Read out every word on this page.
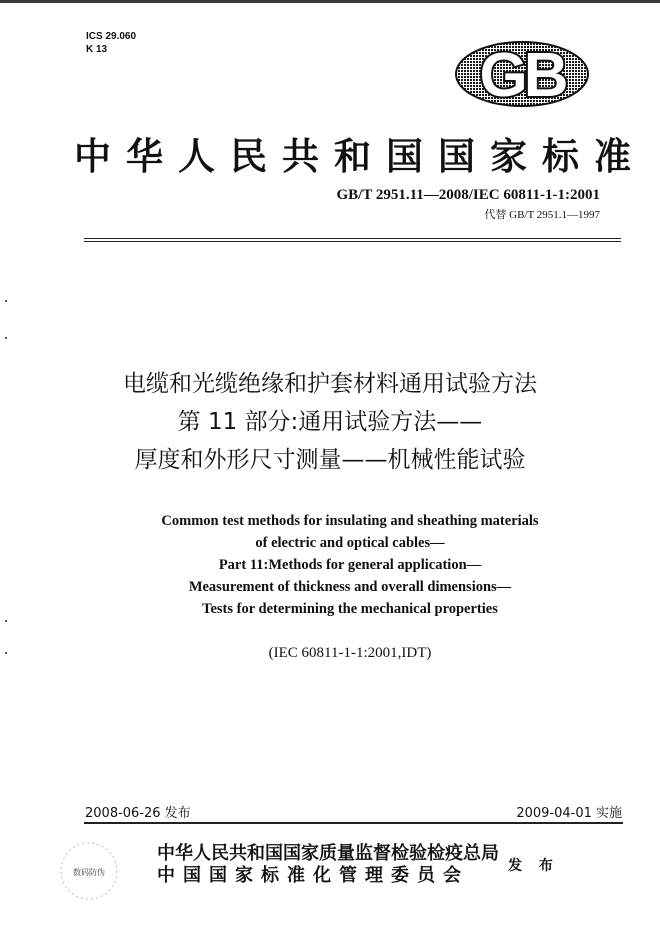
ICS 29.060
K 13	GB
中华人民共和国国家标准
GB/T 2951.11—2008/IEC 60811-1-1:2001
代替 GB/T 2951.1—1997
电缆和光缆绝缘和护套材料通用试验方法
第 11 部分:通用试验方法——
厚度和外形尺寸测量——机械性能试验
Common test methods for insulating and sheathing materials
of electric and optical cables—
Part 11:Methods for general application—
Measurement of thickness and overall dimensions—
Tests for determining the mechanical properties
(IEC 60811-1-1:2001,IDT)
2008-06-26 发布	2009-04-01 实施
数码防伪
中华人民共和国国家质量监督检验检疫总局
中国国家标准化管理委员会	发 布
